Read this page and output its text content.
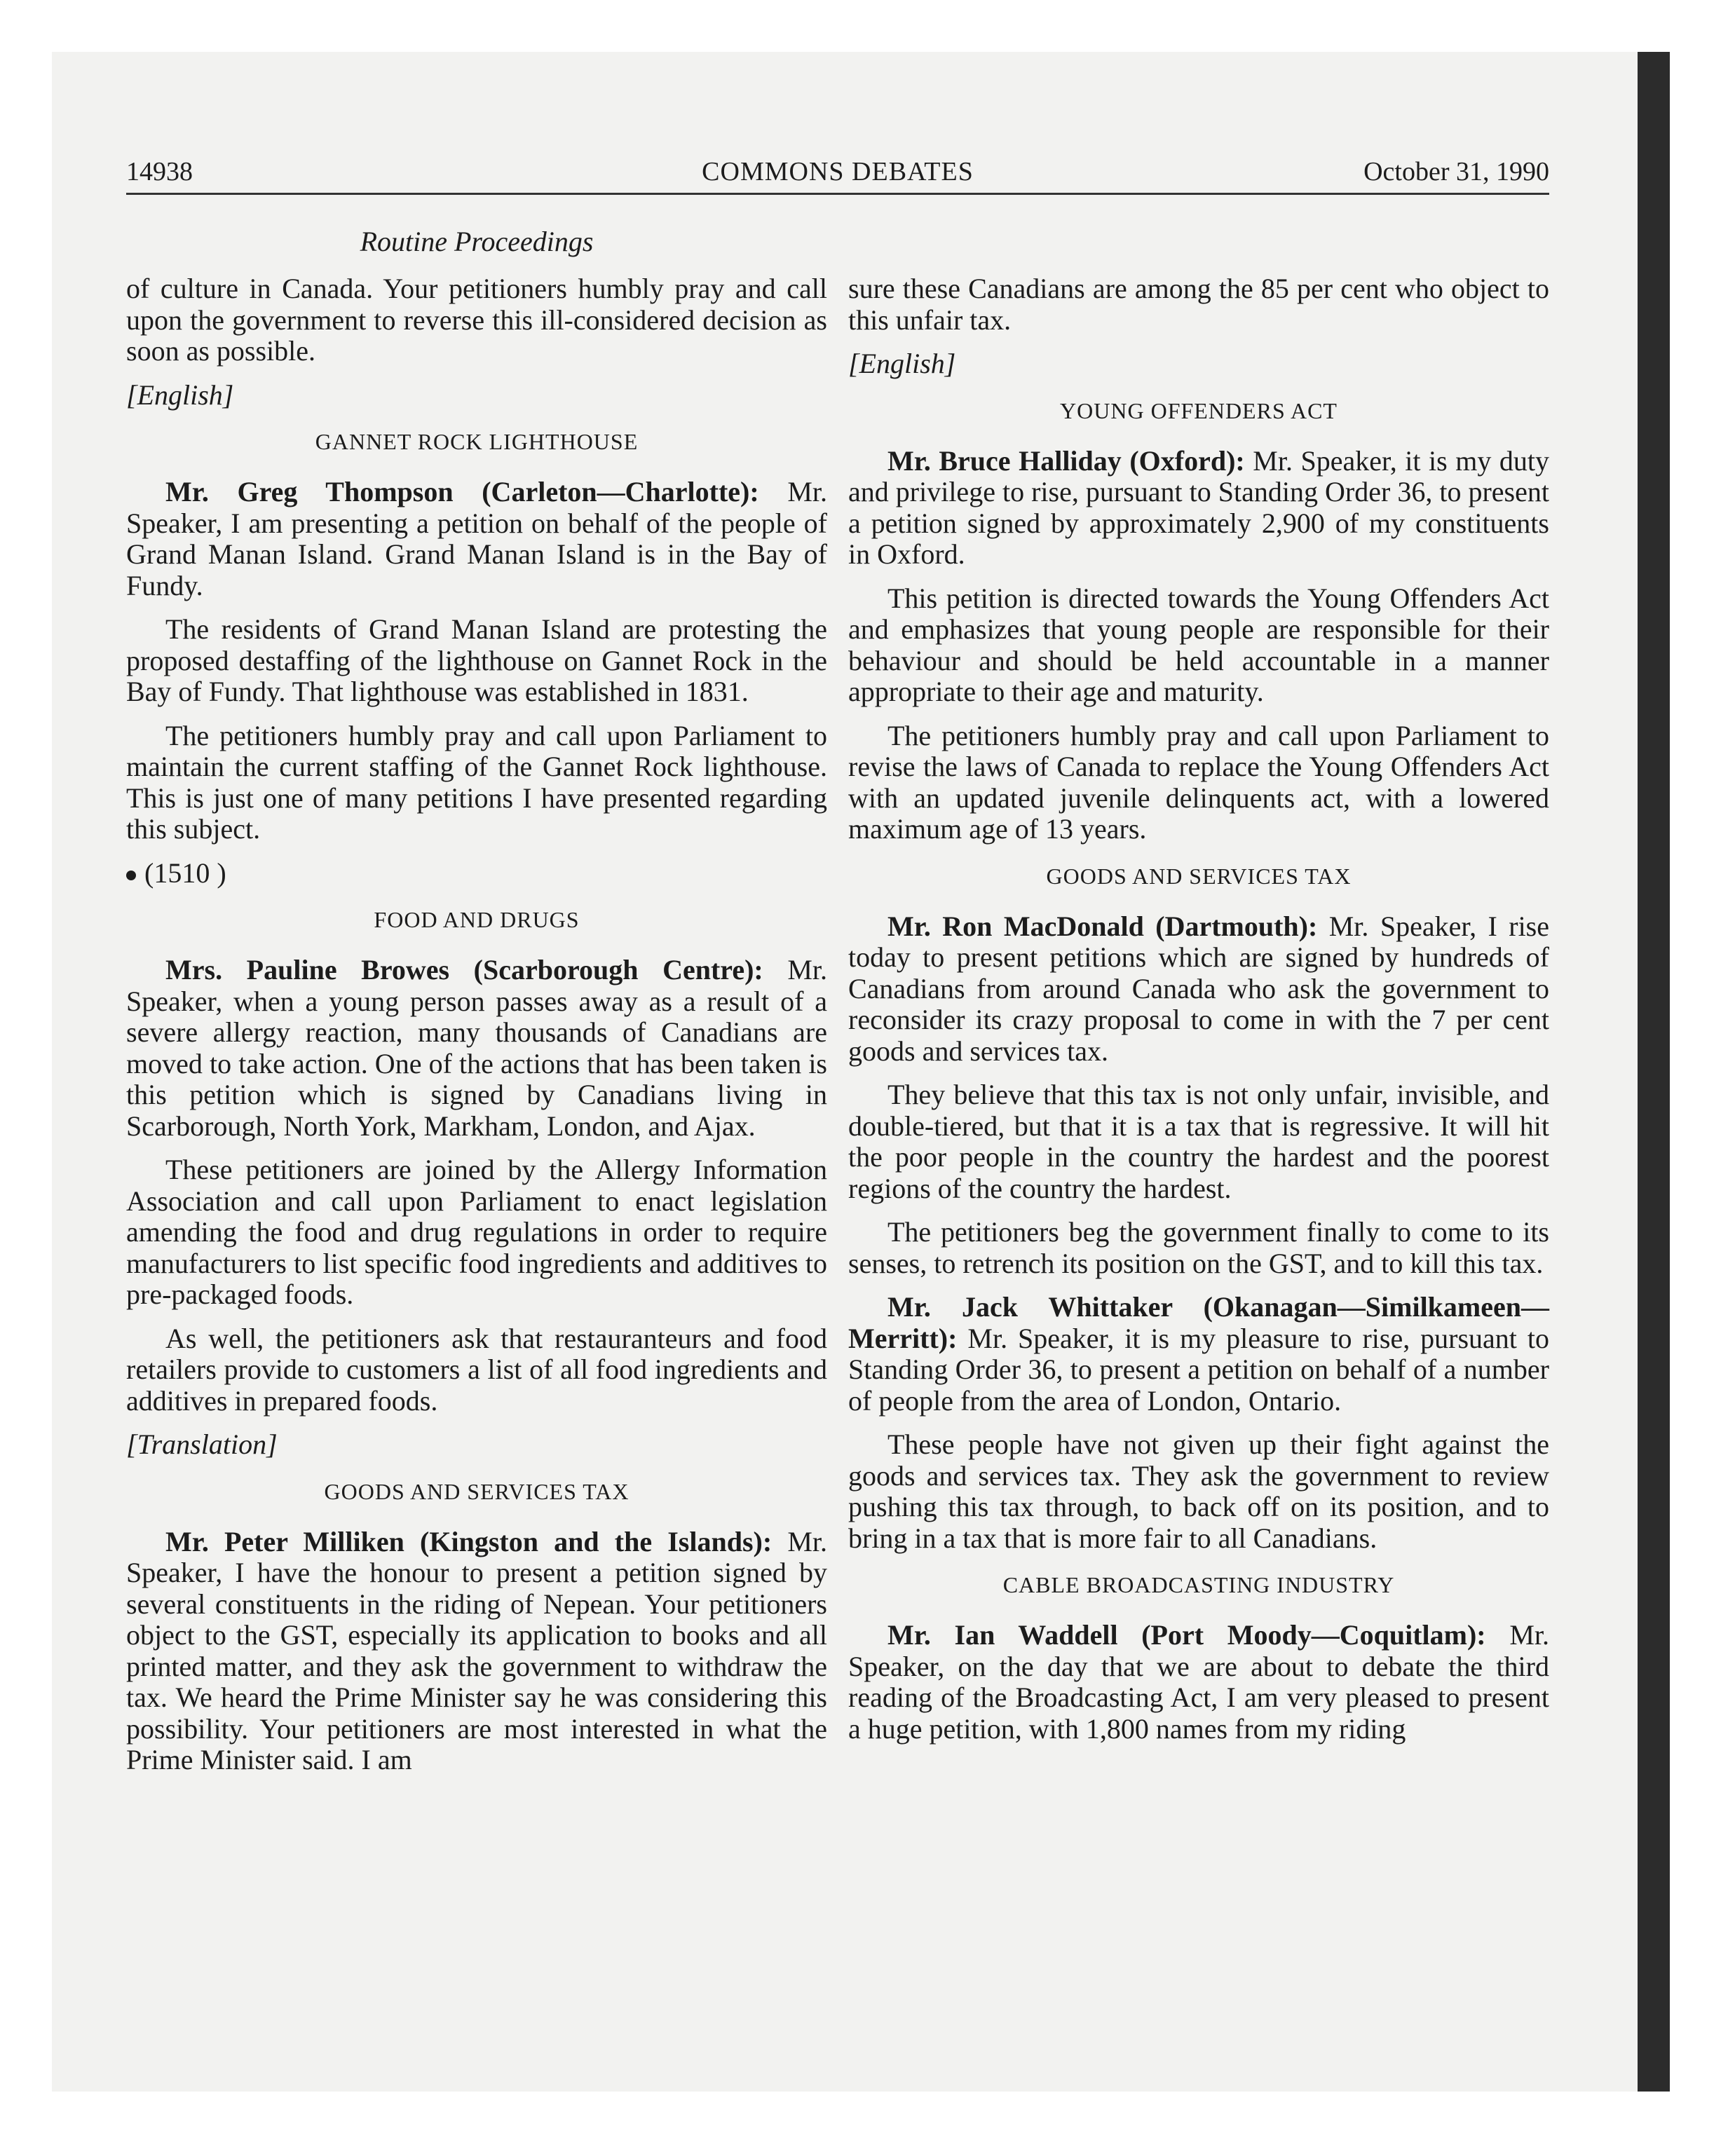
14938	COMMONS DEBATES	October 31, 1990
Routine Proceedings

of culture in Canada. Your petitioners humbly pray and call upon the government to reverse this ill-considered decision as soon as possible.

[English]
GANNET ROCK LIGHTHOUSE

Mr. Greg Thompson (Carleton—Charlotte): Mr. Speaker, I am presenting a petition on behalf of the people of Grand Manan Island. Grand Manan Island is in the Bay of Fundy.

The residents of Grand Manan Island are protesting the proposed destaffing of the lighthouse on Gannet Rock in the Bay of Fundy. That lighthouse was established in 1831.

The petitioners humbly pray and call upon Parliament to maintain the current staffing of the Gannet Rock lighthouse. This is just one of many petitions I have presented regarding this subject.

(1510 )
FOOD AND DRUGS

Mrs. Pauline Browes (Scarborough Centre): Mr. Speaker, when a young person passes away as a result of a severe allergy reaction, many thousands of Canadians are moved to take action. One of the actions that has been taken is this petition which is signed by Canadians living in Scarborough, North York, Markham, London, and Ajax.

These petitioners are joined by the Allergy Information Association and call upon Parliament to enact legislation amending the food and drug regulations in order to require manufacturers to list specific food ingredients and additives to pre-packaged foods.

As well, the petitioners ask that restauranteurs and food retailers provide to customers a list of all food ingredients and additives in prepared foods.

[Translation]
GOODS AND SERVICES TAX

Mr. Peter Milliken (Kingston and the Islands): Mr. Speaker, I have the honour to present a petition signed by several constituents in the riding of Nepean. Your petitioners object to the GST, especially its application to books and all printed matter, and they ask the government to withdraw the tax. We heard the Prime Minister say he was considering this possibility. Your petitioners are most interested in what the Prime Minister said. I am

sure these Canadians are among the 85 per cent who object to this unfair tax.

[English]
YOUNG OFFENDERS ACT

Mr. Bruce Halliday (Oxford): Mr. Speaker, it is my duty and privilege to rise, pursuant to Standing Order 36, to present a petition signed by approximately 2,900 of my constituents in Oxford.

This petition is directed towards the Young Offenders Act and emphasizes that young people are responsible for their behaviour and should be held accountable in a manner appropriate to their age and maturity.

The petitioners humbly pray and call upon Parliament to revise the laws of Canada to replace the Young Offenders Act with an updated juvenile delinquents act, with a lowered maximum age of 13 years.

GOODS AND SERVICES TAX

Mr. Ron MacDonald (Dartmouth): Mr. Speaker, I rise today to present petitions which are signed by hundreds of Canadians from around Canada who ask the government to reconsider its crazy proposal to come in with the 7 per cent goods and services tax.

They believe that this tax is not only unfair, invisible, and double-tiered, but that it is a tax that is regressive. It will hit the poor people in the country the hardest and the poorest regions of the country the hardest.

The petitioners beg the government finally to come to its senses, to retrench its position on the GST, and to kill this tax.

Mr. Jack Whittaker (Okanagan—Similkameen—Merritt): Mr. Speaker, it is my pleasure to rise, pursuant to Standing Order 36, to present a petition on behalf of a number of people from the area of London, Ontario.

These people have not given up their fight against the goods and services tax. They ask the government to review pushing this tax through, to back off on its position, and to bring in a tax that is more fair to all Canadians.

CABLE BROADCASTING INDUSTRY

Mr. Ian Waddell (Port Moody—Coquitlam): Mr. Speaker, on the day that we are about to debate the third reading of the Broadcasting Act, I am very pleased to present a huge petition, with 1,800 names from my riding
